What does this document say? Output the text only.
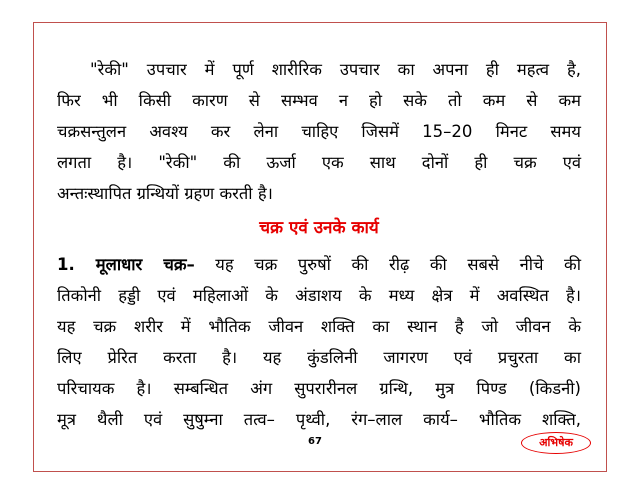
"रेकी" उपचार में पूर्ण शारीरिक उपचार का अपना ही महत्व है,
फिर भी किसी कारण से सम्भव न हो सके तो कम से कम
चक्रसन्तुलन अवश्य कर लेना चाहिए जिसमें 15–20 मिनट समय
लगता है। "रेकी" की ऊर्जा एक साथ दोनों ही चक्र एवं
अन्तःस्थापित ग्रन्थियों ग्रहण करती है।
चक्र एवं उनके कार्य
1. मूलाधार चक्र– यह चक्र पुरुषों की रीढ़ की सबसे नीचे की
तिकोनी हड्डी एवं महिलाओं के अंडाशय के मध्य क्षेत्र में अवस्थित है।
यह चक्र शरीर में भौतिक जीवन शक्ति का स्थान है जो जीवन के
लिए प्रेरित करता है। यह कुंडलिनी जागरण एवं प्रचुरता का
परिचायक है। सम्बन्धित अंग सुपरारीनल ग्रन्थि, मुत्र पिण्ड (किडनी)
मूत्र थैली एवं सुषुम्ना तत्व– पृथ्वी, रंग–लाल कार्य– भौतिक शक्ति,
67	अभिषेक
